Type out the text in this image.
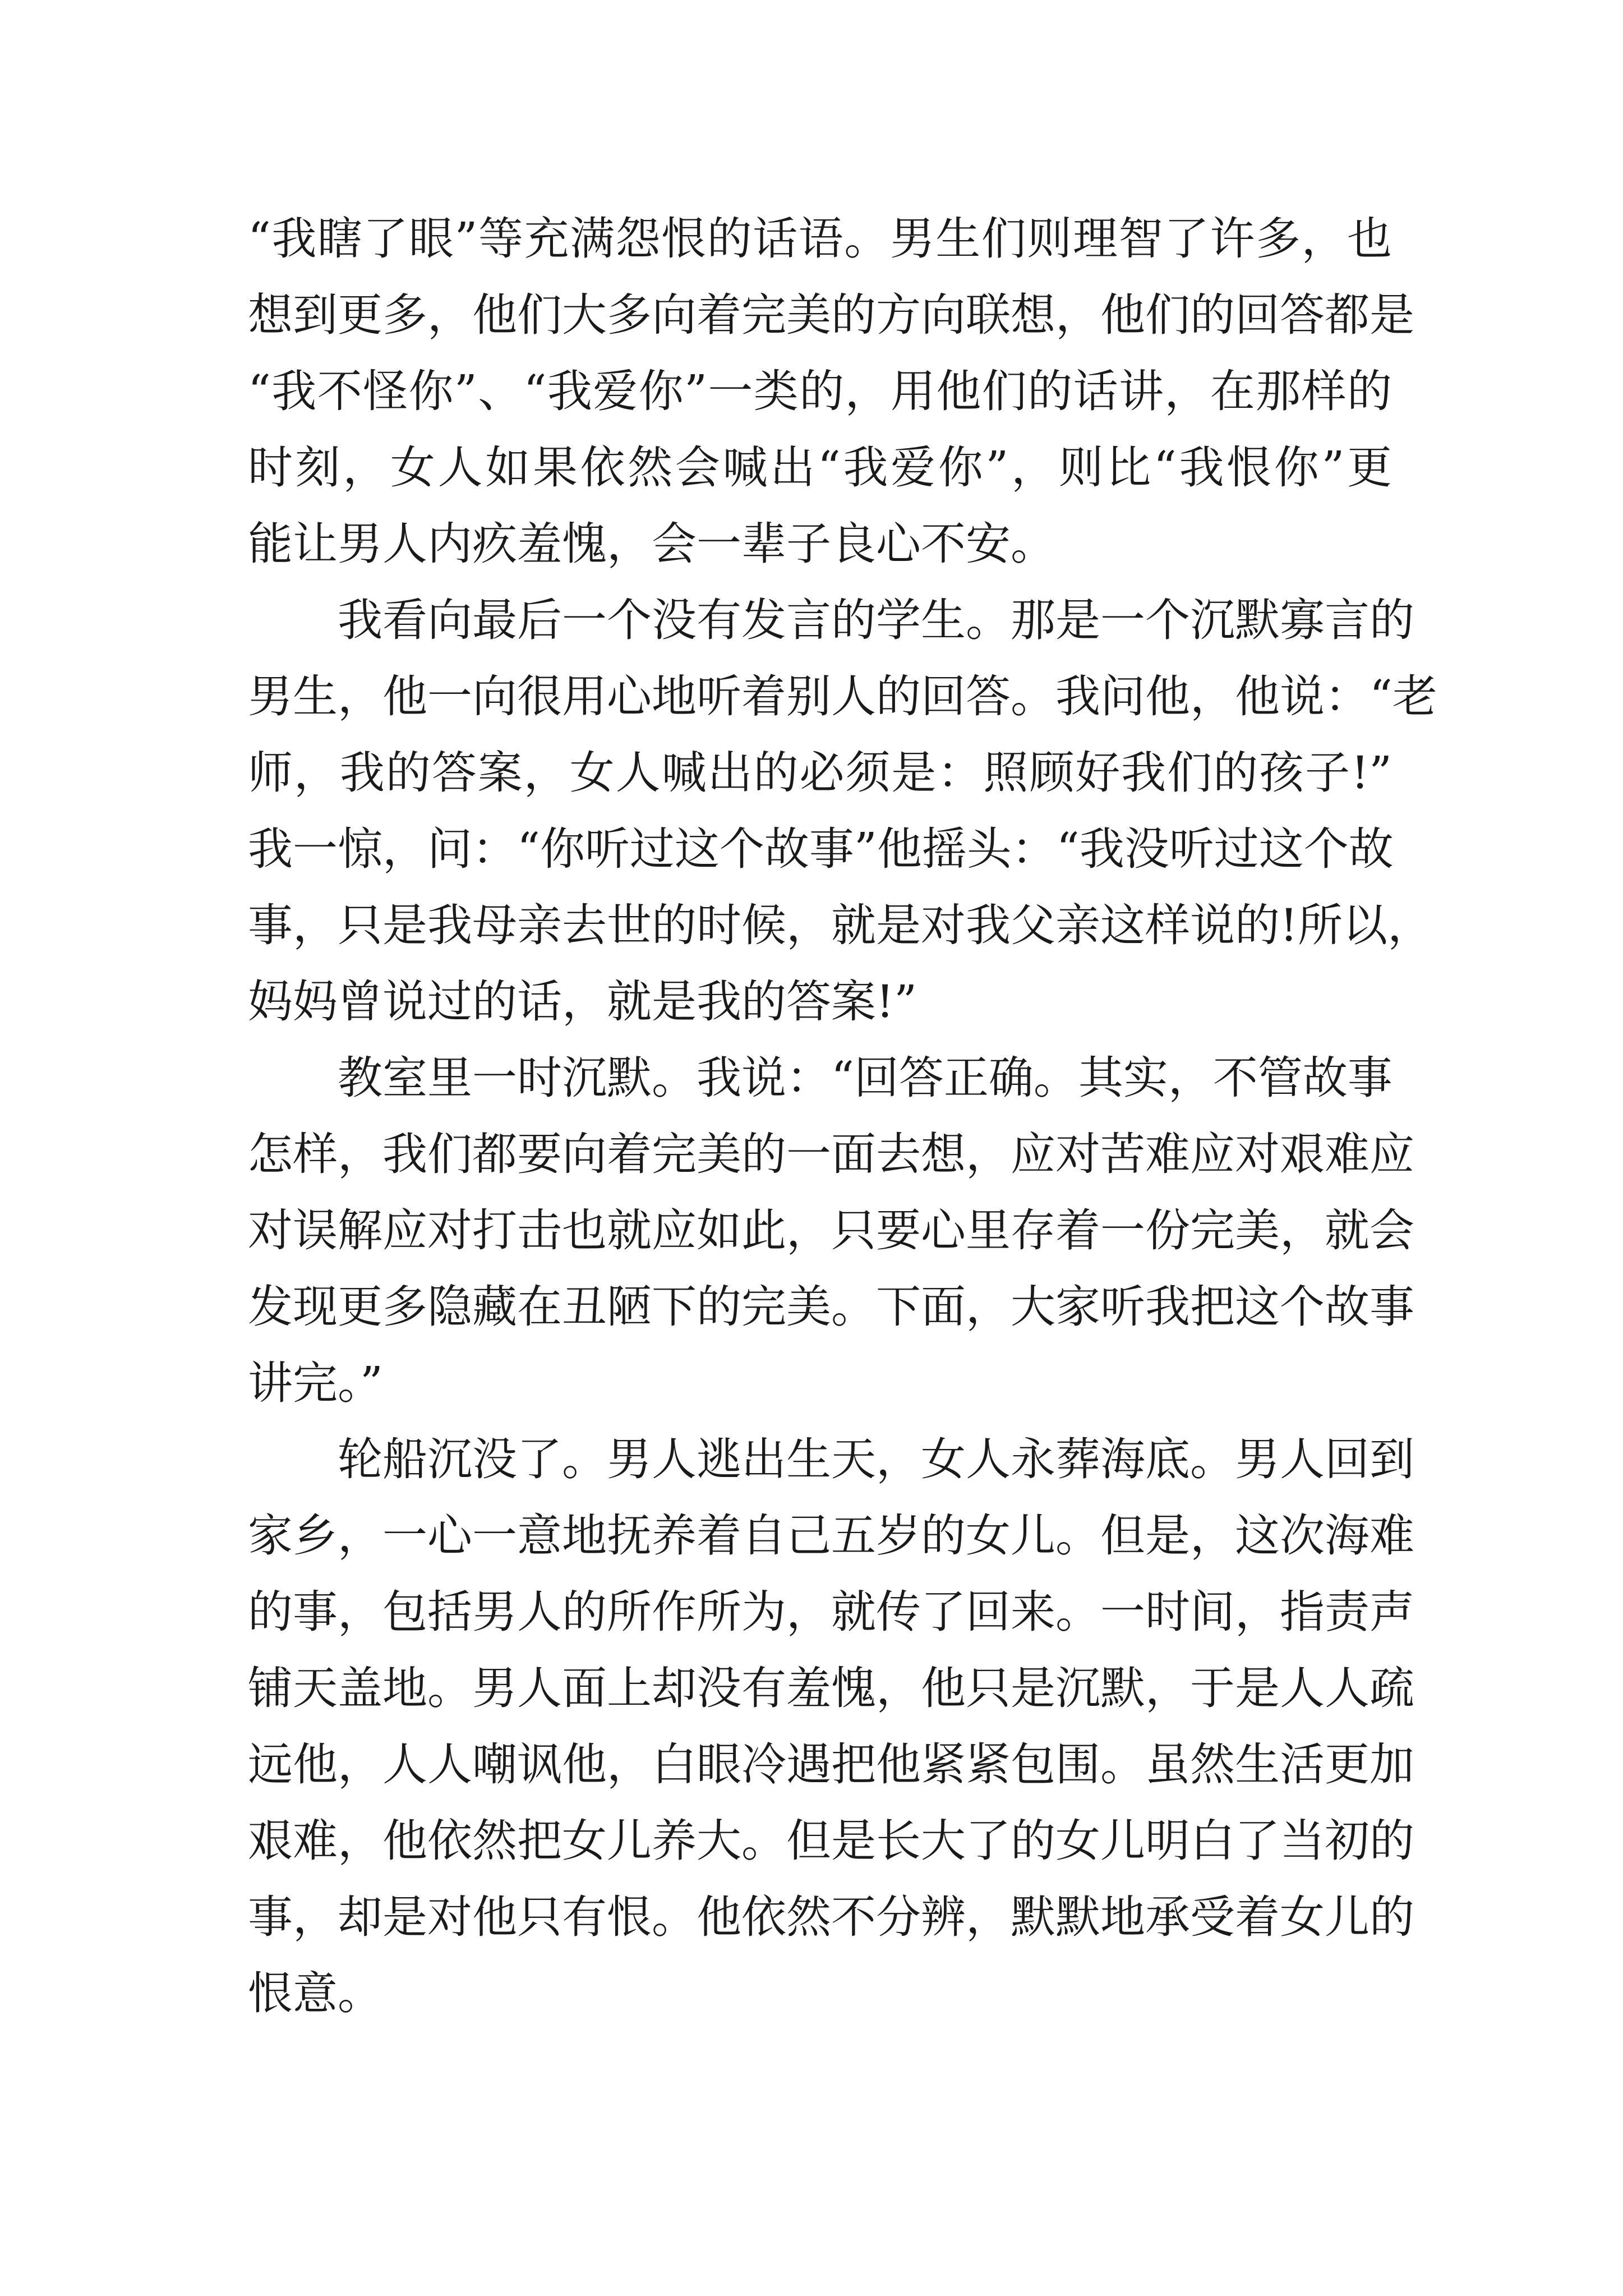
“我瞎了眼”等充满怨恨的话语。男生们则理智了许多，也
想到更多，他们大多向着完美的方向联想，他们的回答都是
“我不怪你”、“我爱你”一类的，用他们的话讲，在那样的
时刻，女人如果依然会喊出“我爱你”，则比“我恨你”更
能让男人内疚羞愧，会一辈子良心不安。
我看向最后一个没有发言的学生。那是一个沉默寡言的
男生，他一向很用心地听着别人的回答。我问他，他说：“老
师，我的答案，女人喊出的必须是：照顾好我们的孩子!”
我一惊，问：“你听过这个故事”他摇头：“我没听过这个故
事，只是我母亲去世的时候，就是对我父亲这样说的!所以，
妈妈曾说过的话，就是我的答案!”
教室里一时沉默。我说：“回答正确。其实，不管故事
怎样，我们都要向着完美的一面去想，应对苦难应对艰难应
对误解应对打击也就应如此，只要心里存着一份完美，就会
发现更多隐藏在丑陋下的完美。下面，大家听我把这个故事
讲完。”
轮船沉没了。男人逃出生天，女人永葬海底。男人回到
家乡，一心一意地抚养着自己五岁的女儿。但是，这次海难
的事，包括男人的所作所为，就传了回来。一时间，指责声
铺天盖地。男人面上却没有羞愧，他只是沉默，于是人人疏
远他，人人嘲讽他，白眼冷遇把他紧紧包围。虽然生活更加
艰难，他依然把女儿养大。但是长大了的女儿明白了当初的
事，却是对他只有恨。他依然不分辨，默默地承受着女儿的
恨意。
